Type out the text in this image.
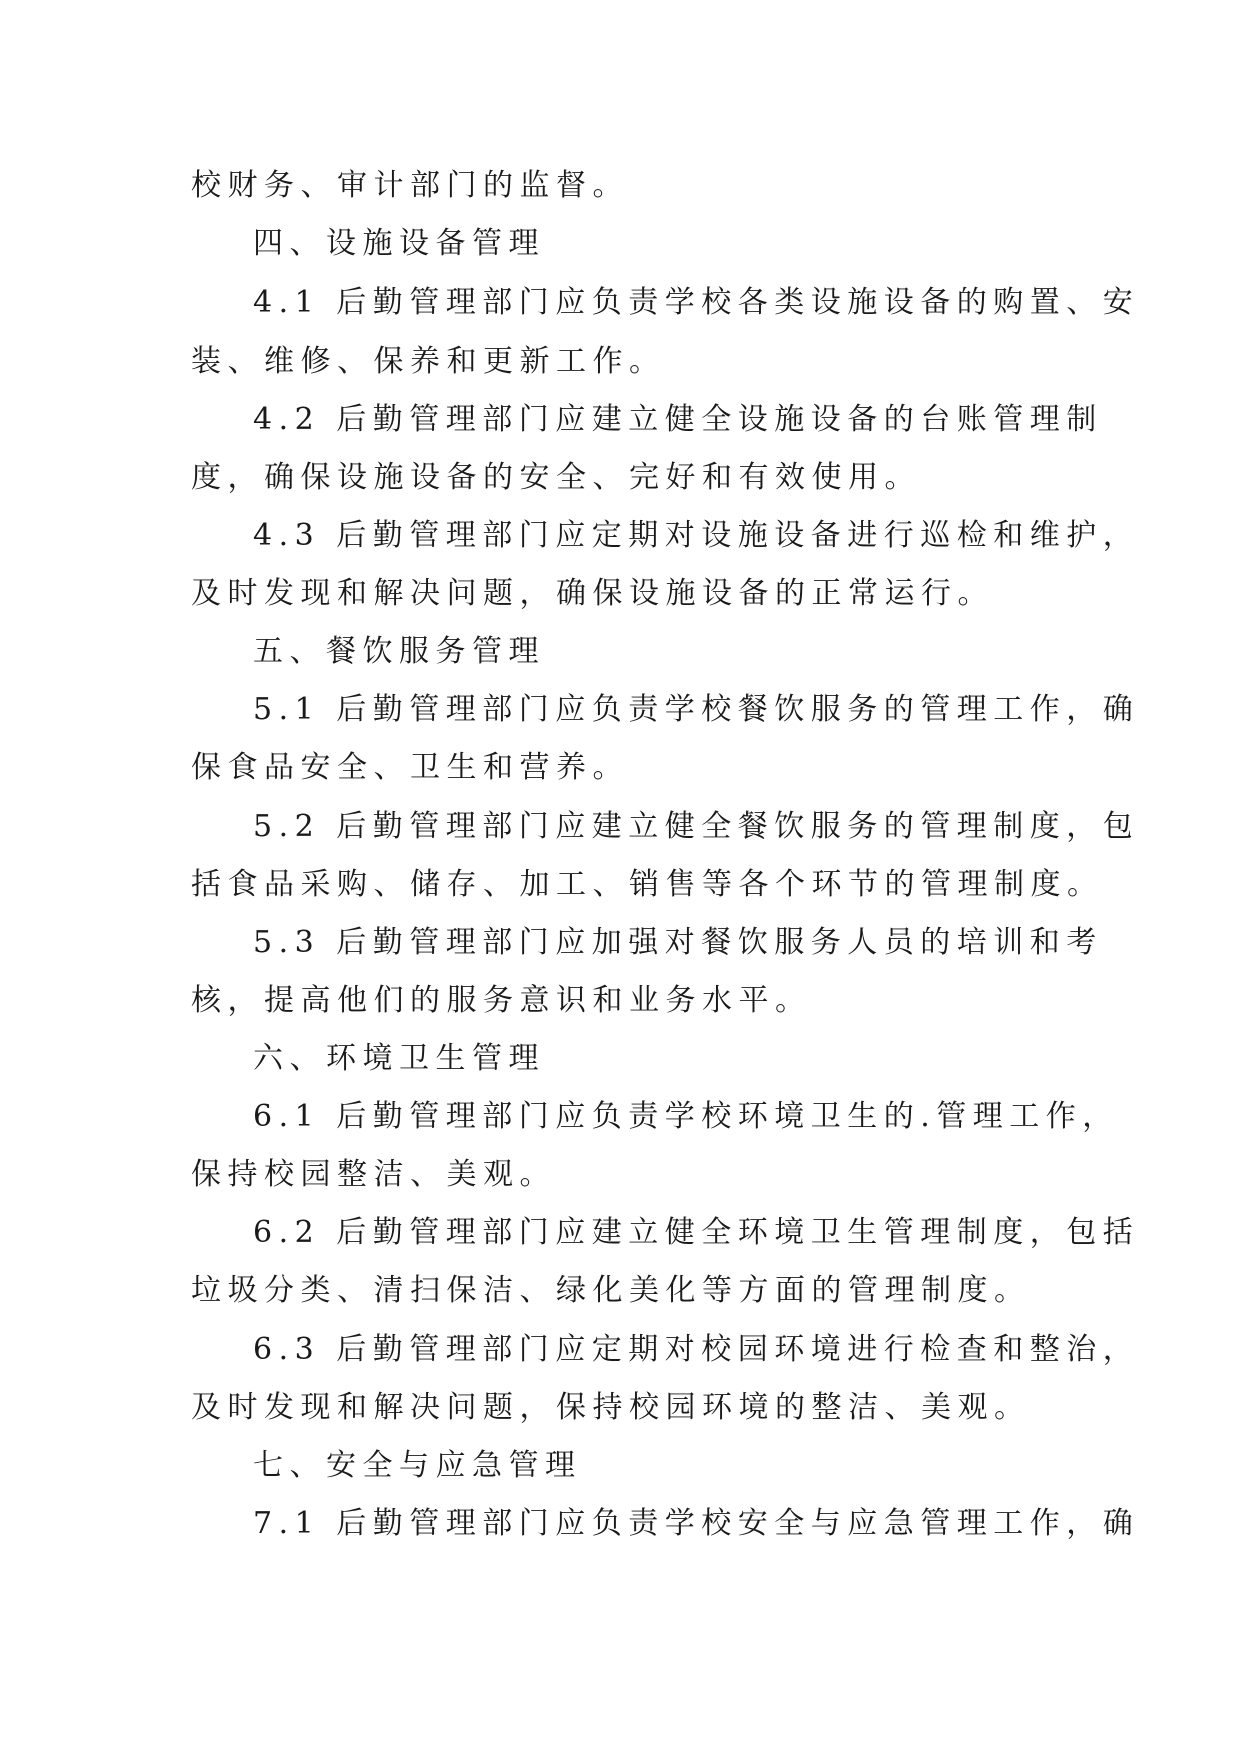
校财务、审计部门的监督。
四、设施设备管理
4.1 后勤管理部门应负责学校各类设施设备的购置、安
装、维修、保养和更新工作。
4.2 后勤管理部门应建立健全设施设备的台账管理制
度，确保设施设备的安全、完好和有效使用。
4.3 后勤管理部门应定期对设施设备进行巡检和维护，
及时发现和解决问题，确保设施设备的正常运行。
五、餐饮服务管理
5.1 后勤管理部门应负责学校餐饮服务的管理工作，确
保食品安全、卫生和营养。
5.2 后勤管理部门应建立健全餐饮服务的管理制度，包
括食品采购、储存、加工、销售等各个环节的管理制度。
5.3 后勤管理部门应加强对餐饮服务人员的培训和考
核，提高他们的服务意识和业务水平。
六、环境卫生管理
6.1 后勤管理部门应负责学校环境卫生的.管理工作，
保持校园整洁、美观。
6.2 后勤管理部门应建立健全环境卫生管理制度，包括
垃圾分类、清扫保洁、绿化美化等方面的管理制度。
6.3 后勤管理部门应定期对校园环境进行检查和整治，
及时发现和解决问题，保持校园环境的整洁、美观。
七、安全与应急管理
7.1 后勤管理部门应负责学校安全与应急管理工作，确
